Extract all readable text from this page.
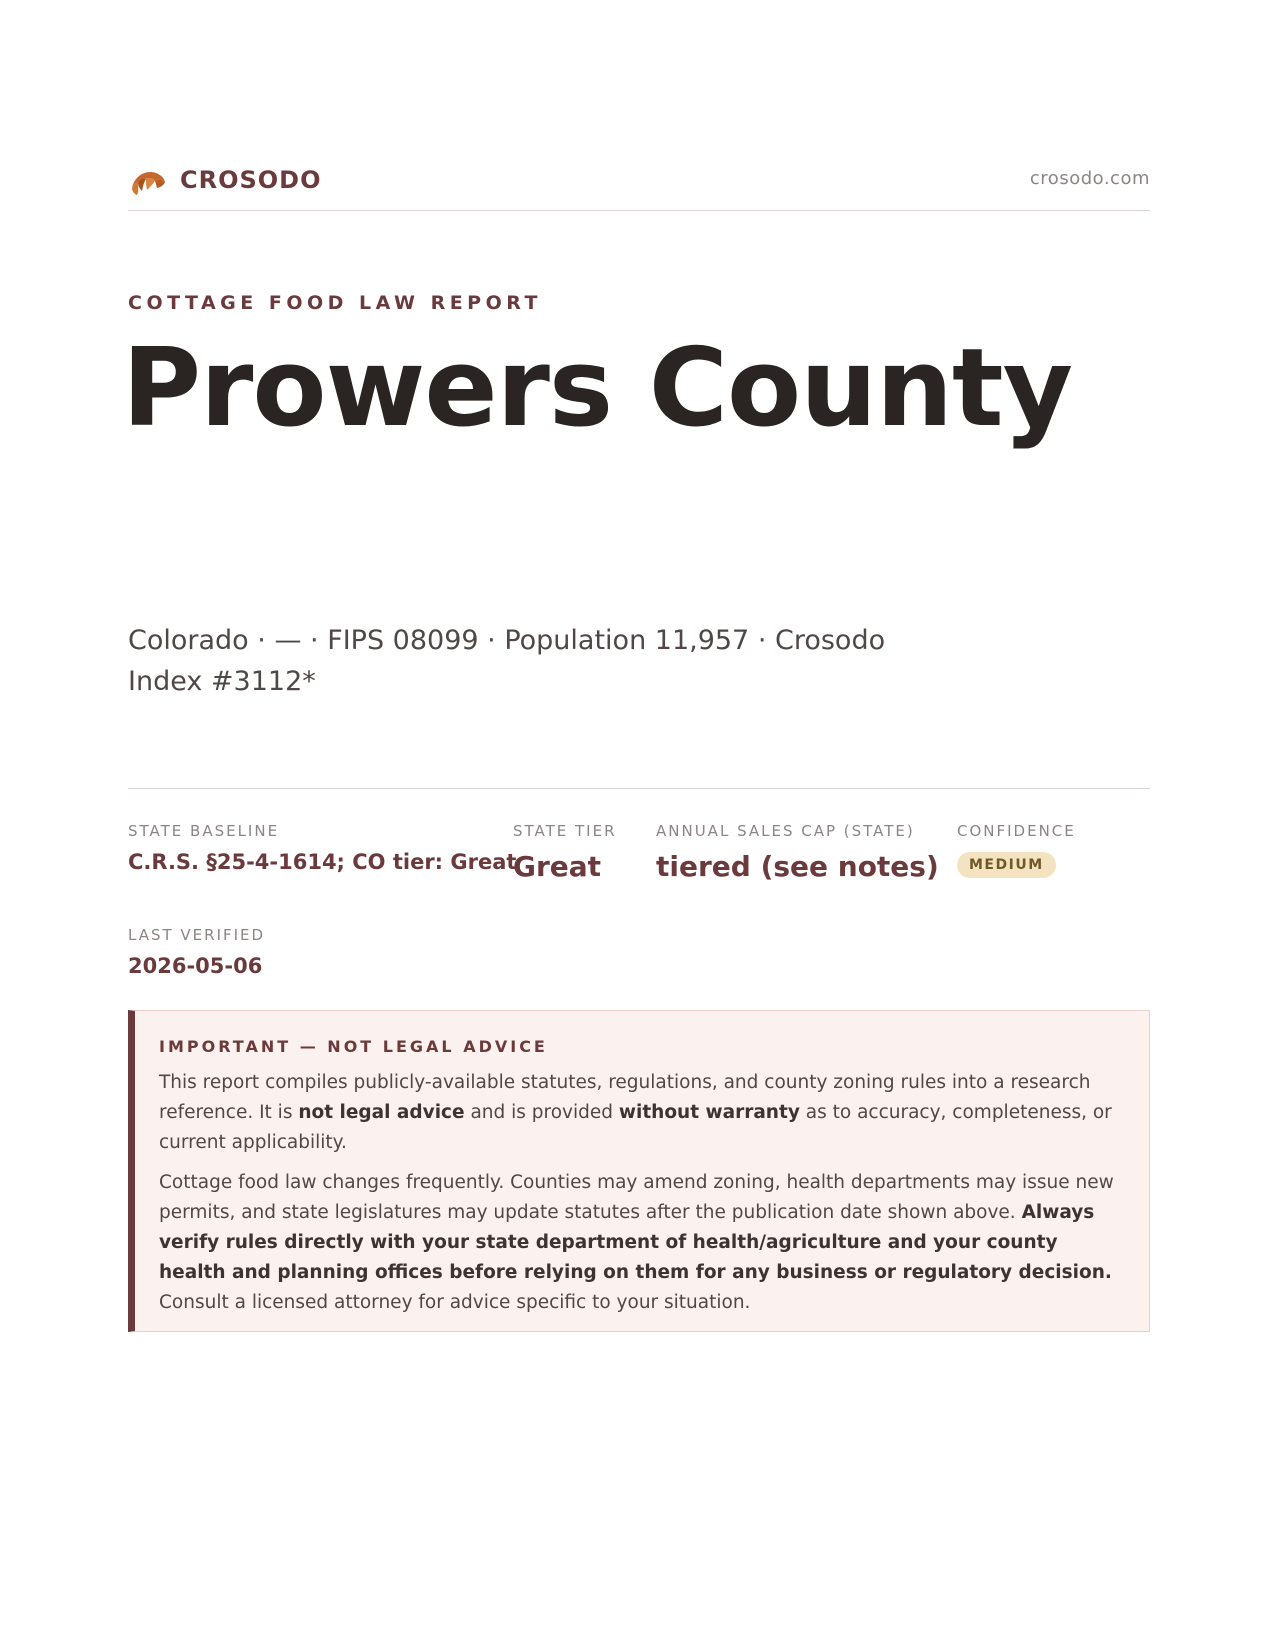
CROSODO	crosodo.com
COTTAGE FOOD LAW REPORT
Prowers County
Colorado · — · FIPS 08099 · Population 11,957 · Crosodo Index #3112*
STATE BASELINE
C.R.S. §25-4-1614; CO tier: Great
STATE TIER
Great
ANNUAL SALES CAP (STATE)
tiered (see notes)
CONFIDENCE
MEDIUM
LAST VERIFIED
2026-05-06
IMPORTANT — NOT LEGAL ADVICE

This report compiles publicly-available statutes, regulations, and county zoning rules into a research reference. It is not legal advice and is provided without warranty as to accuracy, completeness, or current applicability.

Cottage food law changes frequently. Counties may amend zoning, health departments may issue new permits, and state legislatures may update statutes after the publication date shown above. Always verify rules directly with your state department of health/agriculture and your county health and planning offices before relying on them for any business or regulatory decision. Consult a licensed attorney for advice specific to your situation.
